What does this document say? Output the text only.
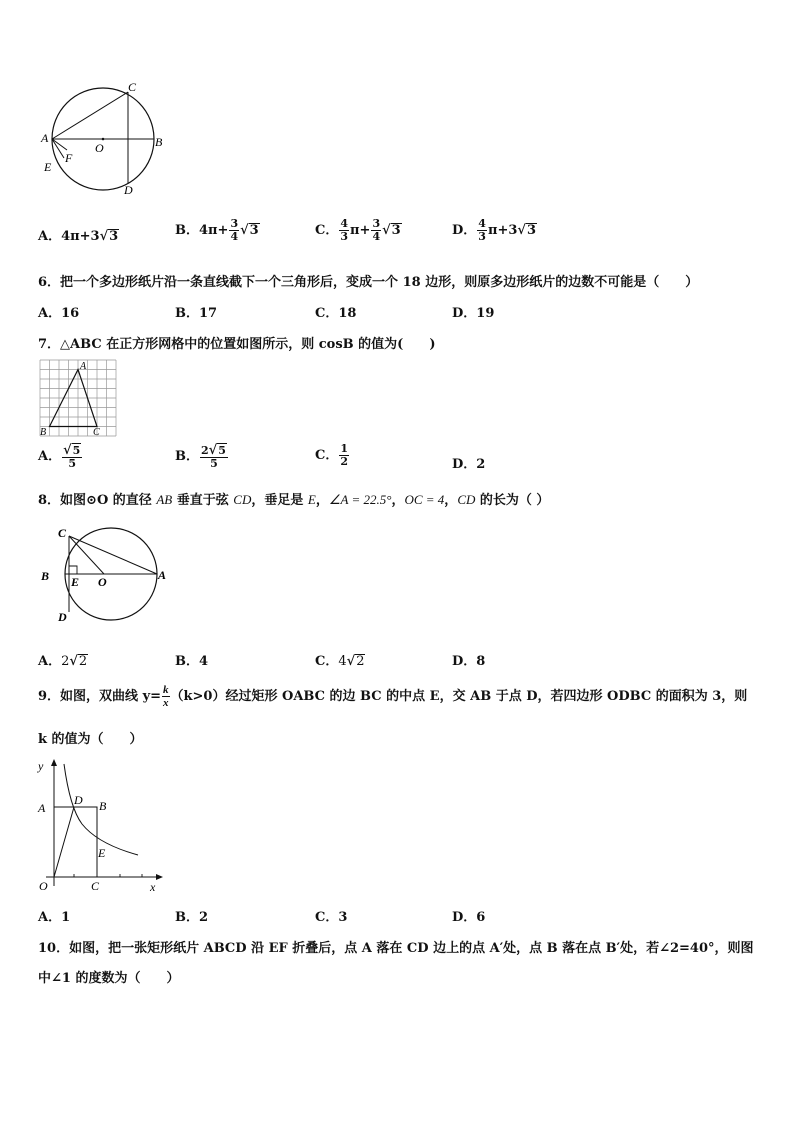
A	B
C
D
E
F
O
A．4π+3√3	B．$4\pi+ \frac{3}{4} √3$	C． $\frac{4}{3} \pi+ \frac{3}{4} √3$	D． $\frac{4}{3} \pi+3√3$
6．把一个多边形纸片沿一条直线截下一个三角形后，变成一个 18 边形，则原多边形纸片的边数不可能是（　　）
A．16	B．17	C．18	D．19
7．△ABC 在正方形网格中的位置如图所示，则 cosB 的值为(　　)
A
B	C
A． $\frac{√5}{5}$	B． $\frac{2√5}{5}$	C． $\frac{1}{2}$	D．2
8．如图⊙O 的直径 AB 垂直于弦 CD，垂足是 E，∠A = 22.5°，OC = 4，CD 的长为（ ）
C
B E O	A
D
A．2√2	B．4	C．4√2	D．8
9．如图，双曲线 $y= \frac{k}{x} (k>0)$经过矩形 OABC 的边 BC 的中点 E，交 AB 于点 D，若四边形 ODBC 的面积为 3，则
k 的值为（　　）
y
A
D B
E
O	C	x
A．1	B．2	C．3	D．6
10．如图，把一张矩形纸片 ABCD 沿 EF 折叠后，点 A 落在 CD 边上的点 A′处，点 B 落在点 B′处，若∠2=40°，则图
中∠1 的度数为（　　）
